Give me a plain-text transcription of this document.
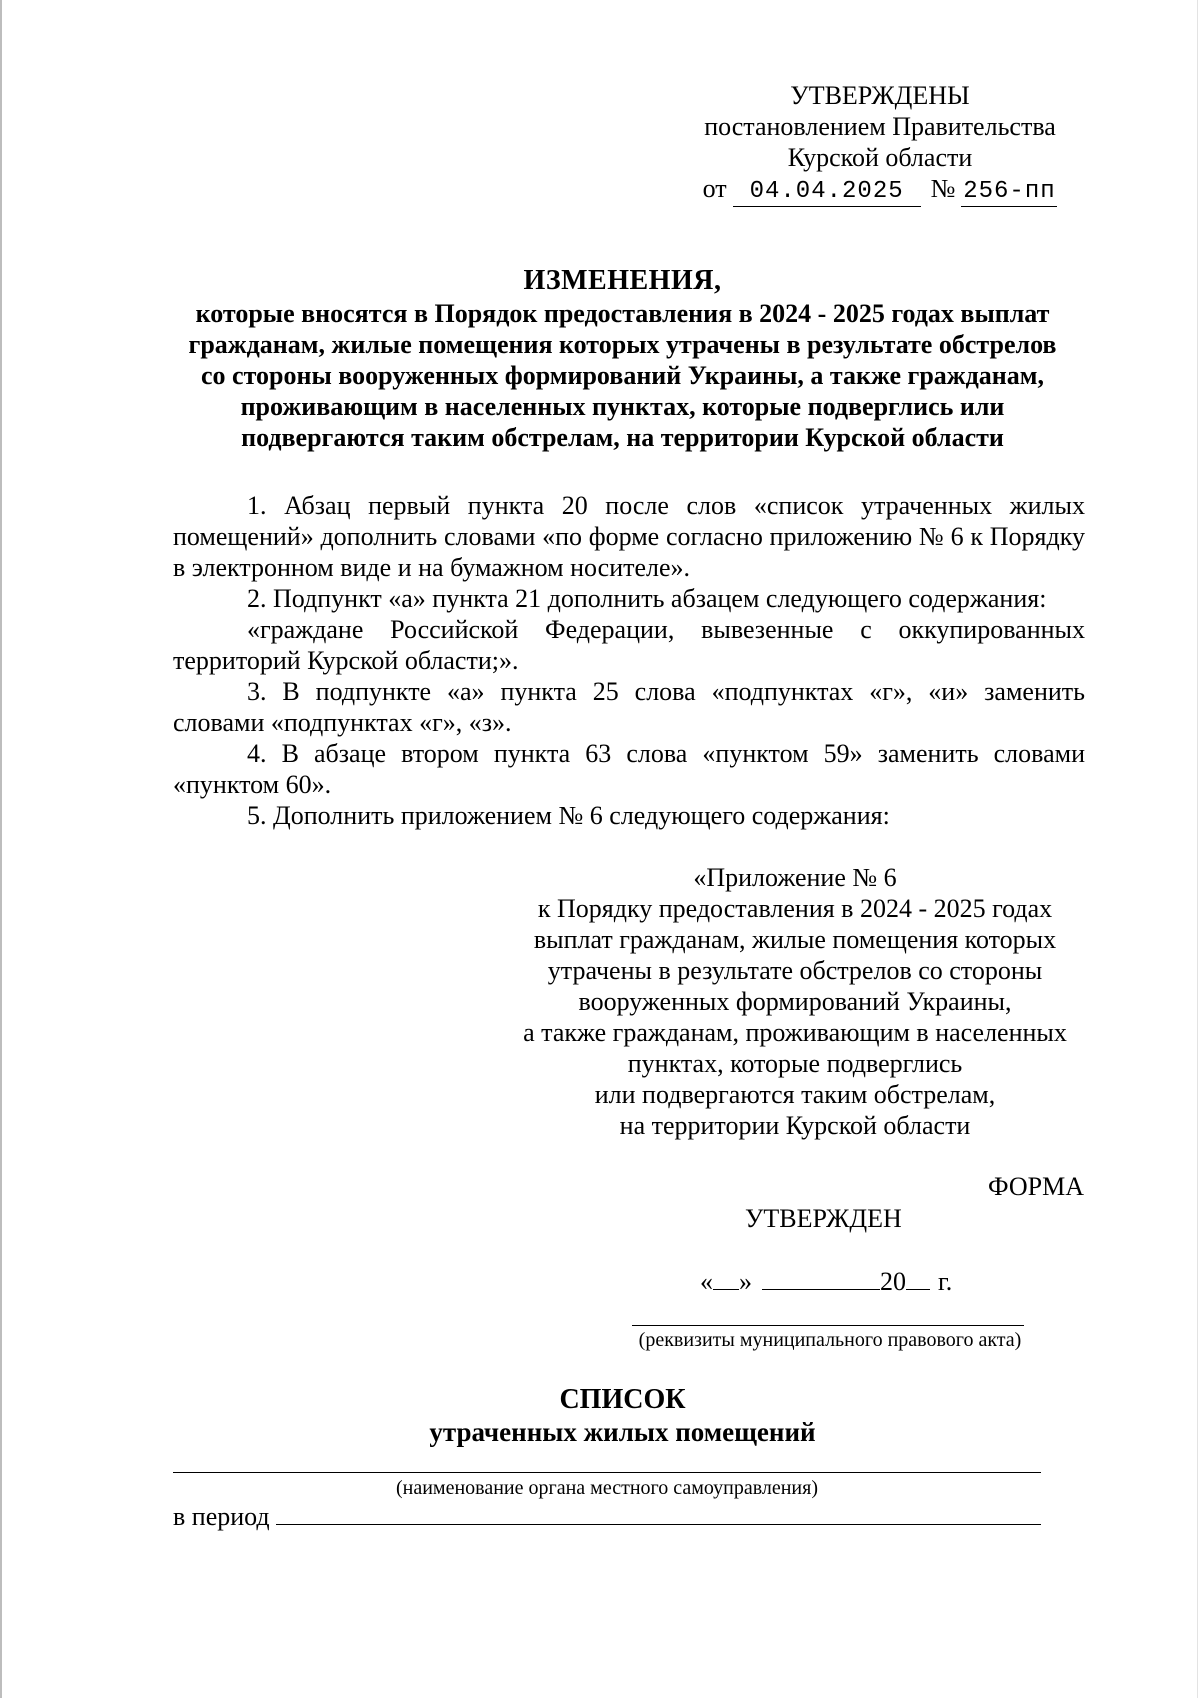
УТВЕРЖДЕНЫ
постановлением Правительства
Курской области
от 04.04.2025	№ 256-пп
ИЗМЕНЕНИЯ,
которые вносятся в Порядок предоставления в 2024 - 2025 годах выплат
гражданам, жилые помещения которых утрачены в результате обстрелов
со стороны вооруженных формирований Украины, а также гражданам,
проживающим в населенных пунктах, которые подверглись или
подвергаются таким обстрелам, на территории Курской области

1. Абзац первый пункта 20 после слов «список утраченных жилых помещений» дополнить словами «по форме согласно приложению № 6 к Порядку в электронном виде и на бумажном носителе».

2. Подпункт «а» пункта 21 дополнить абзацем следующего содержания:

«граждане Российской Федерации, вывезенные с оккупированных территорий Курской области;».

3. В подпункте «а» пункта 25 слова «подпунктах «г», «и» заменить словами «подпунктах «г», «з».

4. В абзаце втором пункта 63 слова «пунктом 59» заменить словами «пунктом 60».

5. Дополнить приложением № 6 следующего содержания:

«Приложение № 6
к Порядку предоставления в 2024 - 2025 годах
выплат гражданам, жилые помещения которых
утрачены в результате обстрелов со стороны
вооруженных формирований Украины,
а также гражданам, проживающим в населенных
пунктах, которые подверглись
или подвергаются таким обстрелам,
на территории Курской области
ФОРМА
УТВЕРЖДЕН
« »	20 г.
(реквизиты муниципального правового акта)
СПИСОК
утраченных жилых помещений
(наименование органа местного самоуправления)
в период
